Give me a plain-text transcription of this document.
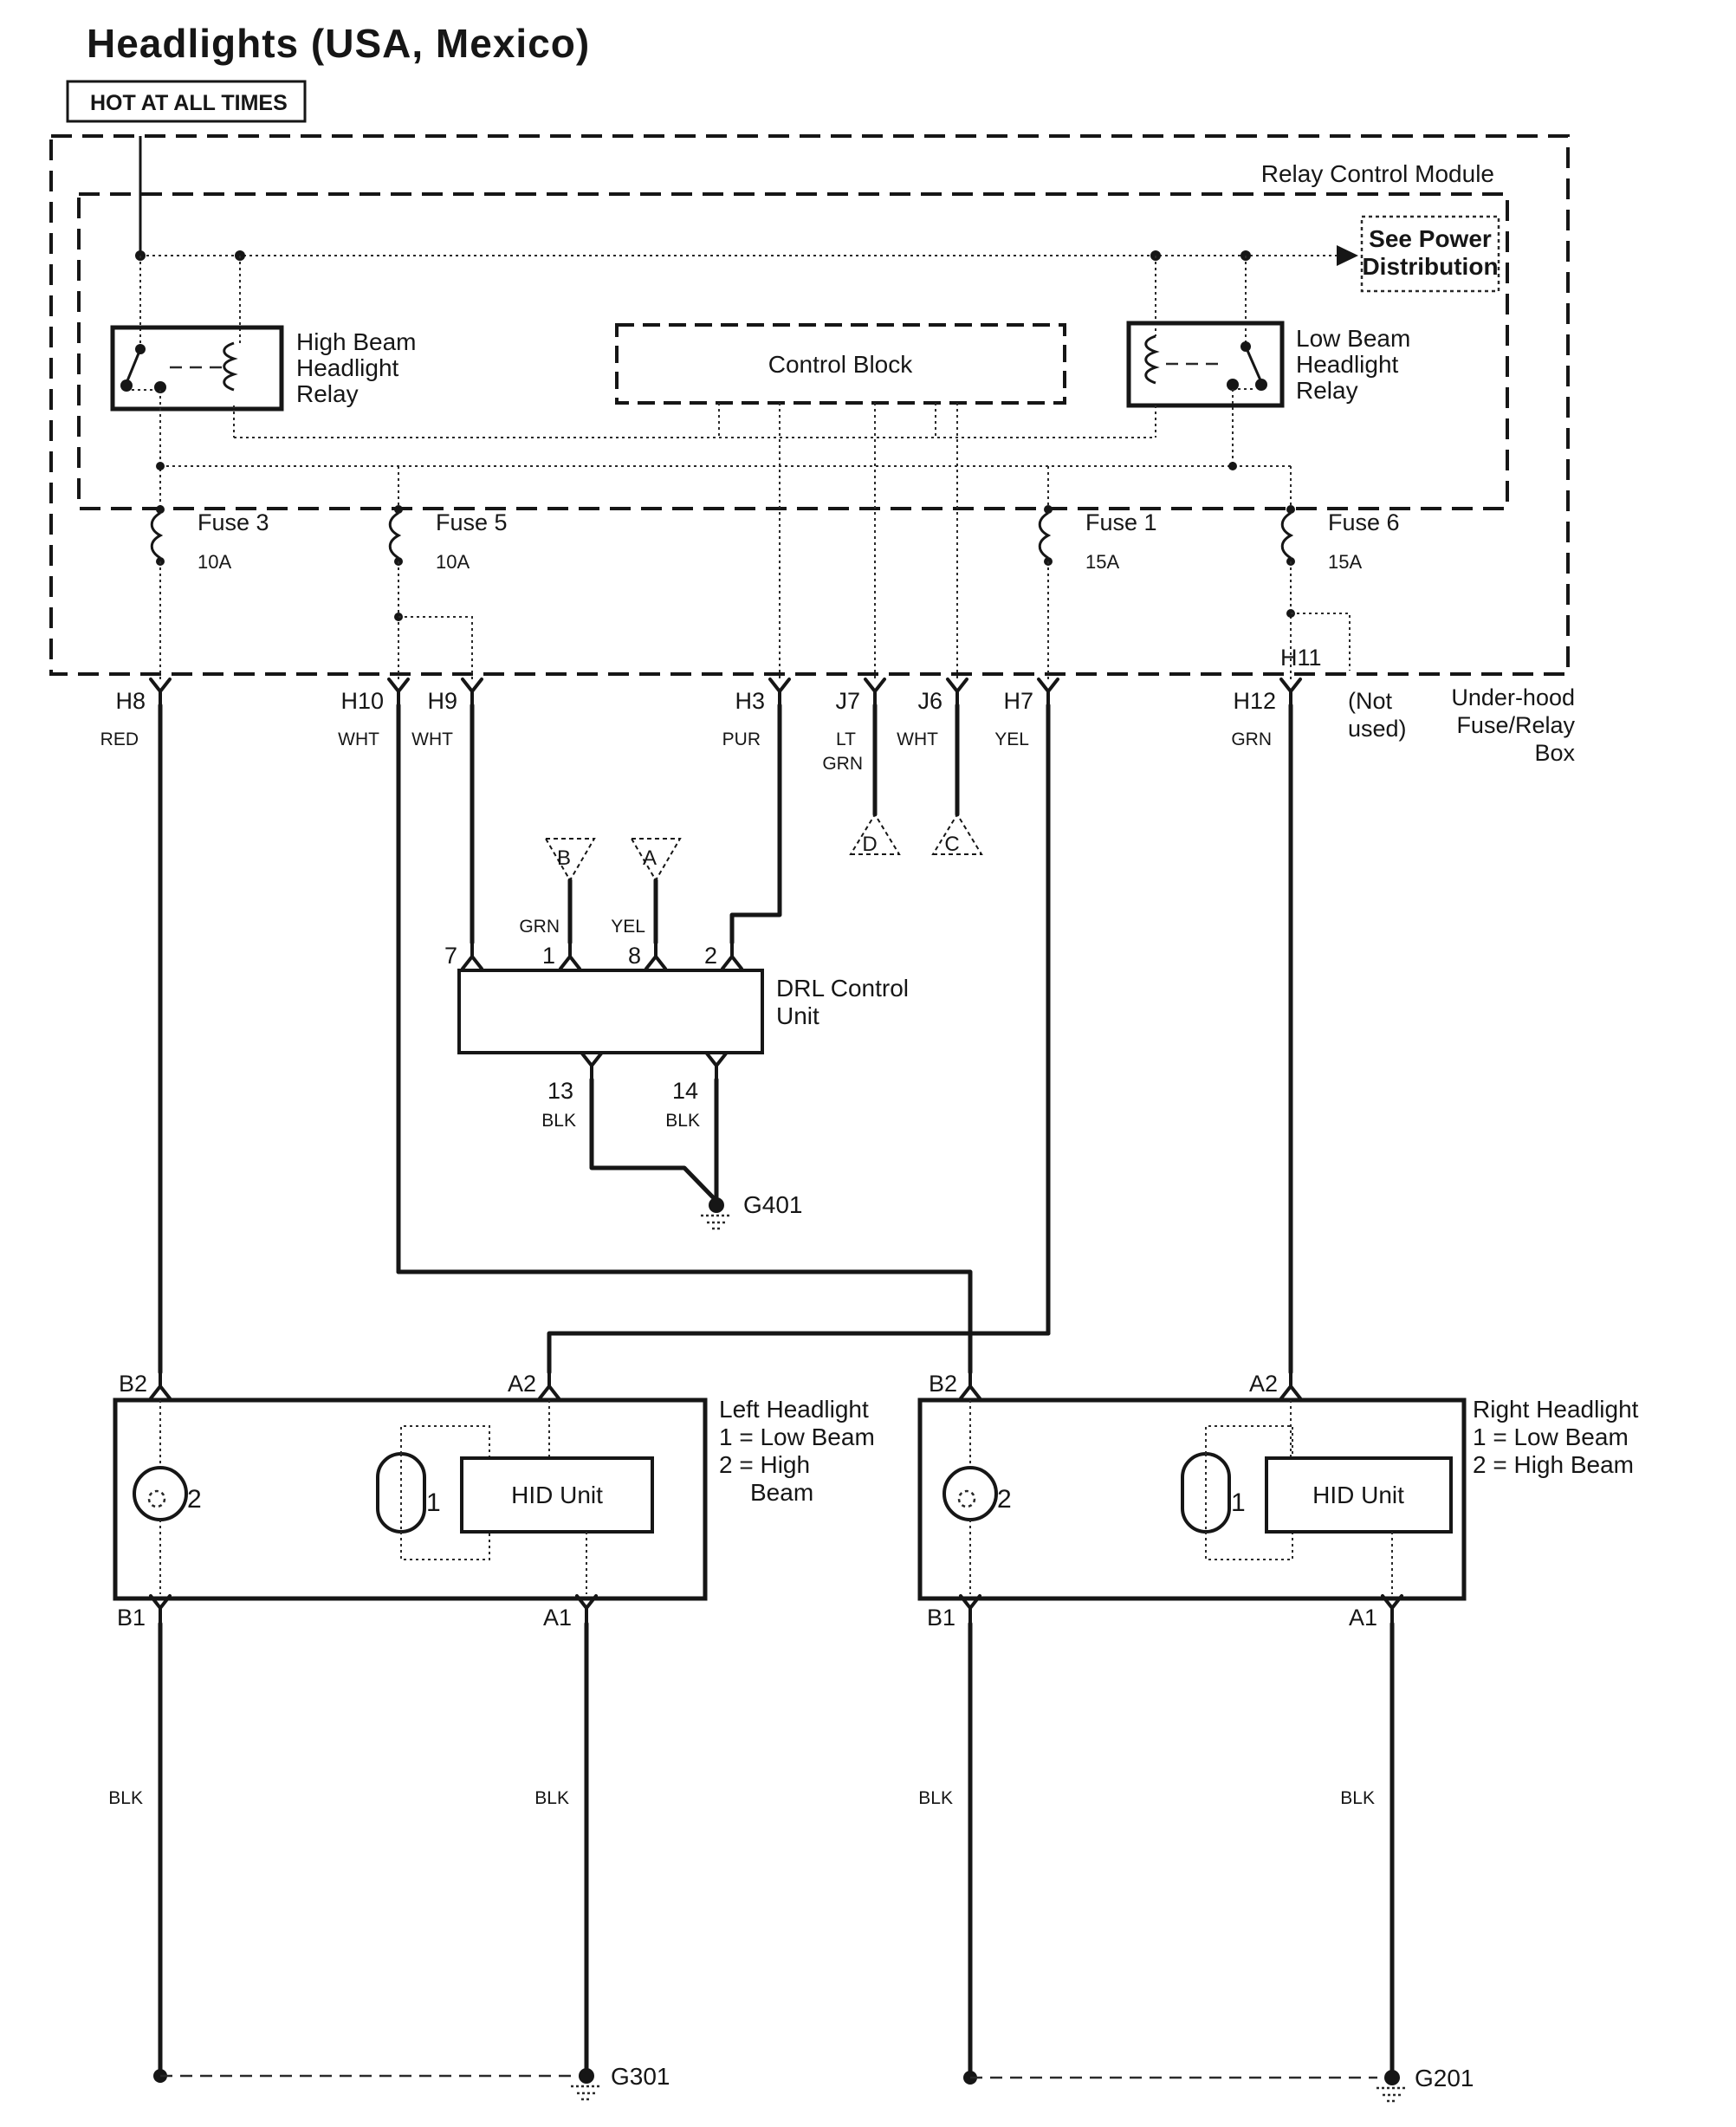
Headlights (USA, Mexico)
HOT AT ALL TIMES
Relay Control Module
See Power
Distribution
High Beam
Headlight
Relay
Control Block
Low Beam
Headlight
Relay
Fuse 3
10A
Fuse 5
10A
Fuse 1
15A
Fuse 6
15A
H11
H8
RED
H10
WHT
H9
WHT
H3
PUR
J7
LT
GRN
J6
WHT
H7
YEL
H12
GRN
(Not
used)
Under-hood
Fuse/Relay
Box
B	A
D	C
GRN	YEL
7	1	8	2
DRL Control
Unit
13	14
BLK	BLK
G401
B2	A2
2	1	HID Unit
B1	A1
Left Headlight
1 = Low Beam
2 = High
Beam
B2	A2
2	1	HID Unit
B1	A1
Right Headlight
1 = Low Beam
2 = High Beam
BLK	BLK	BLK	BLK
G301	G201
